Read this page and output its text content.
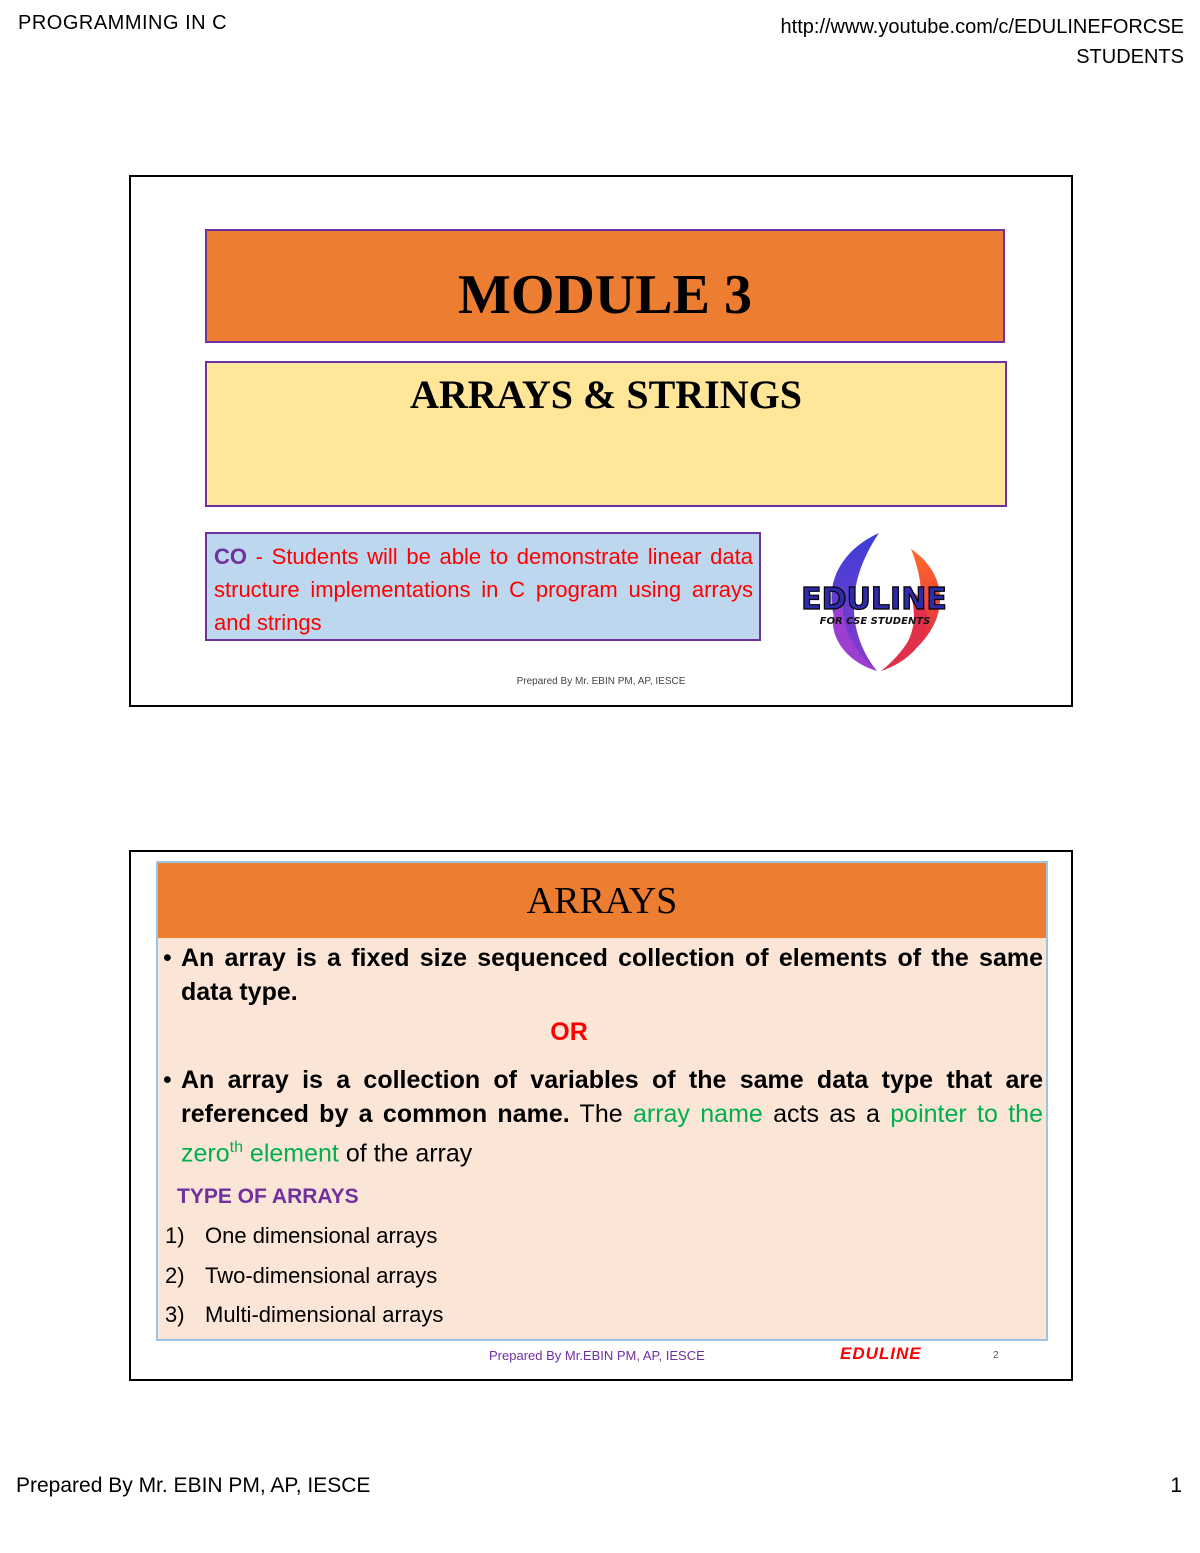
PROGRAMMING IN C	http://www.youtube.com/c/EDULINEFORCSE
STUDENTS
MODULE 3
ARRAYS & STRINGS
CO - Students will be able to demonstrate linear data structure implementations in C program using arrays and strings
EDULINE
FOR CSE STUDENTS
Prepared By Mr. EBIN PM, AP, IESCE
ARRAYS
• An array is a fixed size sequenced collection of elements of the same data type.
OR
• An array is a collection of variables of the same data type that are referenced by a common name. The array name acts as a pointer to the zero$^{th}$ element of the array
TYPE OF ARRAYS
1) One dimensional arrays
2) Two-dimensional arrays
3) Multi-dimensional arrays
Prepared By Mr.EBIN PM, AP, IESCE	EDULINE	2
Prepared By Mr. EBIN PM, AP, IESCE	1
